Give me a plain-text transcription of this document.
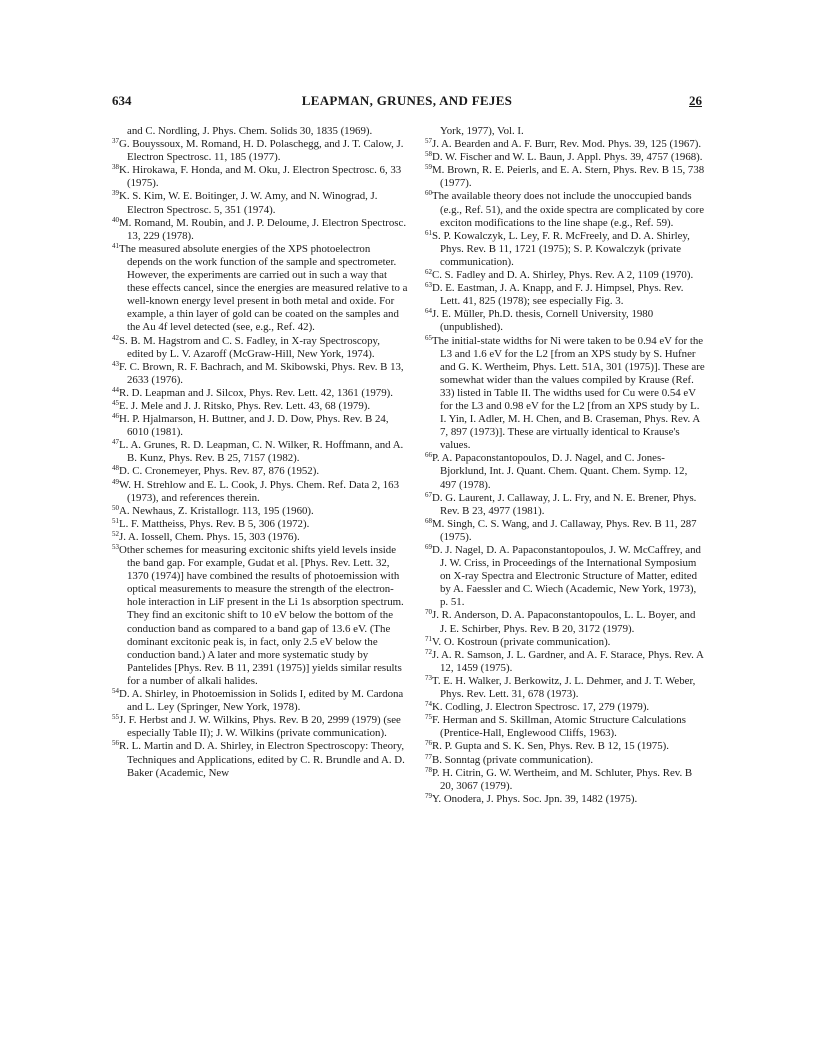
634	LEAPMAN, GRUNES, AND FEJES	26

and C. Nordling, J. Phys. Chem. Solids 30, 1835 (1969).

$^{37}$G. Bouyssoux, M. Romand, H. D. Polaschegg, and J. T. Calow, J. Electron Spectrosc. 11, 185 (1977).

$^{38}$K. Hirokawa, F. Honda, and M. Oku, J. Electron Spectrosc. 6, 33 (1975).

$^{39}$K. S. Kim, W. E. Boitinger, J. W. Amy, and N. Winograd, J. Electron Spectrosc. 5, 351 (1974).

$^{40}$M. Romand, M. Roubin, and J. P. Deloume, J. Electron Spectrosc. 13, 229 (1978).

$^{41}$The measured absolute energies of the XPS photoelectron depends on the work function of the sample and spectrometer. However, the experiments are carried out in such a way that these effects cancel, since the energies are measured relative to a well-known energy level present in both metal and oxide. For example, a thin layer of gold can be coated on the samples and the Au 4f level detected (see, e.g., Ref. 42).

$^{42}$S. B. M. Hagstrom and C. S. Fadley, in X-ray Spectroscopy, edited by L. V. Azaroff (McGraw-Hill, New York, 1974).

$^{43}$F. C. Brown, R. F. Bachrach, and M. Skibowski, Phys. Rev. B 13, 2633 (1976).

$^{44}$R. D. Leapman and J. Silcox, Phys. Rev. Lett. 42, 1361 (1979).

$^{45}$E. J. Mele and J. J. Ritsko, Phys. Rev. Lett. 43, 68 (1979).

$^{46}$H. P. Hjalmarson, H. Buttner, and J. D. Dow, Phys. Rev. B 24, 6010 (1981).

$^{47}$L. A. Grunes, R. D. Leapman, C. N. Wilker, R. Hoffmann, and A. B. Kunz, Phys. Rev. B 25, 7157 (1982).

$^{48}$D. C. Cronemeyer, Phys. Rev. 87, 876 (1952).

$^{49}$W. H. Strehlow and E. L. Cook, J. Phys. Chem. Ref. Data 2, 163 (1973), and references therein.

$^{50}$A. Newhaus, Z. Kristallogr. 113, 195 (1960).

$^{51}$L. F. Mattheiss, Phys. Rev. B 5, 306 (1972).

$^{52}$J. A. Iossell, Chem. Phys. 15, 303 (1976).

$^{53}$Other schemes for measuring excitonic shifts yield levels inside the band gap. For example, Gudat et al. [Phys. Rev. Lett. 32, 1370 (1974)] have combined the results of photoemission with optical measurements to measure the strength of the electron-hole interaction in LiF present in the Li 1s absorption spectrum. They find an excitonic shift to 10 eV below the bottom of the conduction band as compared to a band gap of 13.6 eV. (The dominant excitonic peak is, in fact, only 2.5 eV below the conduction band.) A later and more systematic study by Pantelides [Phys. Rev. B 11, 2391 (1975)] yields similar results for a number of alkali halides.

$^{54}$D. A. Shirley, in Photoemission in Solids I, edited by M. Cardona and L. Ley (Springer, New York, 1978).

$^{55}$J. F. Herbst and J. W. Wilkins, Phys. Rev. B 20, 2999 (1979) (see especially Table II); J. W. Wilkins (private communication).

$^{56}$R. L. Martin and D. A. Shirley, in Electron Spectroscopy: Theory, Techniques and Applications, edited by C. R. Brundle and A. D. Baker (Academic, New

York, 1977), Vol. I.

$^{57}$J. A. Bearden and A. F. Burr, Rev. Mod. Phys. 39, 125 (1967).

$^{58}$D. W. Fischer and W. L. Baun, J. Appl. Phys. 39, 4757 (1968).

$^{59}$M. Brown, R. E. Peierls, and E. A. Stern, Phys. Rev. B 15, 738 (1977).

$^{60}$The available theory does not include the unoccupied bands (e.g., Ref. 51), and the oxide spectra are complicated by core exciton modifications to the line shape (e.g., Ref. 59).

$^{61}$S. P. Kowalczyk, L. Ley, F. R. McFreely, and D. A. Shirley, Phys. Rev. B 11, 1721 (1975); S. P. Kowalczyk (private communication).

$^{62}$C. S. Fadley and D. A. Shirley, Phys. Rev. A 2, 1109 (1970).

$^{63}$D. E. Eastman, J. A. Knapp, and F. J. Himpsel, Phys. Rev. Lett. 41, 825 (1978); see especially Fig. 3.

$^{64}$J. E. Müller, Ph.D. thesis, Cornell University, 1980 (unpublished).

$^{65}$The initial-state widths for Ni were taken to be 0.94 eV for the L3 and 1.6 eV for the L2 [from an XPS study by S. Hufner and G. K. Wertheim, Phys. Lett. 51A, 301 (1975)]. These are somewhat wider than the values compiled by Krause (Ref. 33) listed in Table II. The widths used for Cu were 0.54 eV for the L3 and 0.98 eV for the L2 [from an XPS study by L. I. Yin, I. Adler, M. H. Chen, and B. Craseman, Phys. Rev. A 7, 897 (1973)]. These are virtually identical to Krause's values.

$^{66}$P. A. Papaconstantopoulos, D. J. Nagel, and C. Jones-Bjorklund, Int. J. Quant. Chem. Quant. Chem. Symp. 12, 497 (1978).

$^{67}$D. G. Laurent, J. Callaway, J. L. Fry, and N. E. Brener, Phys. Rev. B 23, 4977 (1981).

$^{68}$M. Singh, C. S. Wang, and J. Callaway, Phys. Rev. B 11, 287 (1975).

$^{69}$D. J. Nagel, D. A. Papaconstantopoulos, J. W. McCaffrey, and J. W. Criss, in Proceedings of the International Symposium on X-ray Spectra and Electronic Structure of Matter, edited by A. Faessler and C. Wiech (Academic, New York, 1973), p. 51.

$^{70}$J. R. Anderson, D. A. Papaconstantopoulos, L. L. Boyer, and J. E. Schirber, Phys. Rev. B 20, 3172 (1979).

$^{71}$V. O. Kostroun (private communication).

$^{72}$J. A. R. Samson, J. L. Gardner, and A. F. Starace, Phys. Rev. A 12, 1459 (1975).

$^{73}$T. E. H. Walker, J. Berkowitz, J. L. Dehmer, and J. T. Weber, Phys. Rev. Lett. 31, 678 (1973).

$^{74}$K. Codling, J. Electron Spectrosc. 17, 279 (1979).

$^{75}$F. Herman and S. Skillman, Atomic Structure Calculations (Prentice-Hall, Englewood Cliffs, 1963).

$^{76}$R. P. Gupta and S. K. Sen, Phys. Rev. B 12, 15 (1975).

$^{77}$B. Sonntag (private communication).

$^{78}$P. H. Citrin, G. W. Wertheim, and M. Schluter, Phys. Rev. B 20, 3067 (1979).

$^{79}$Y. Onodera, J. Phys. Soc. Jpn. 39, 1482 (1975).
